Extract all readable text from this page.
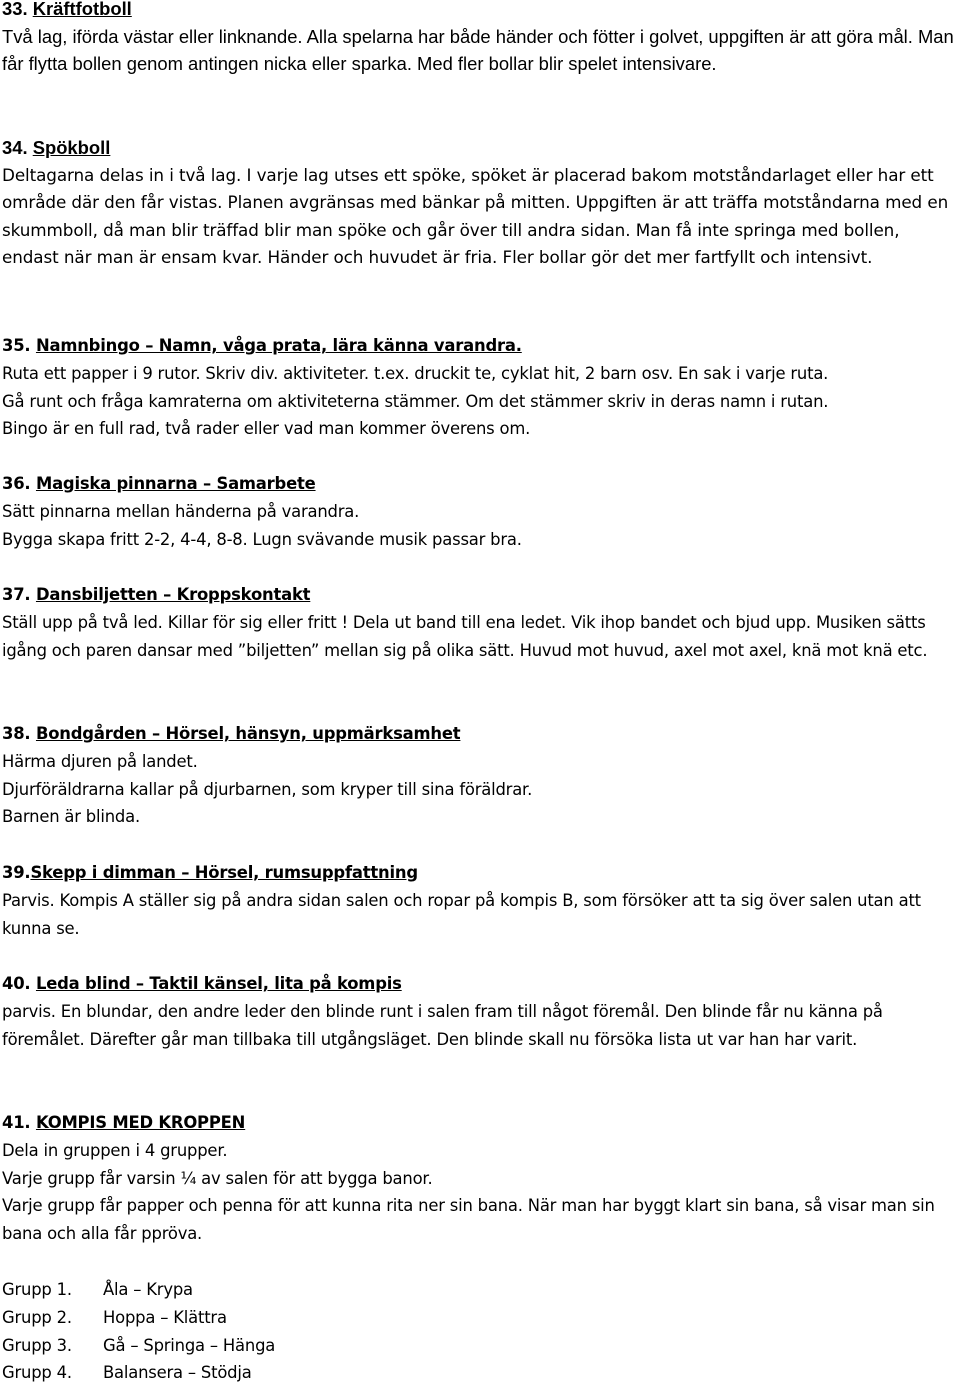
33. Kräftfotboll

Två lag, iförda västar eller linknande. Alla spelarna har både händer och fötter i golvet, uppgiften är att göra mål. Man får flytta bollen genom antingen nicka eller sparka. Med fler bollar blir spelet intensivare.

34. Spökboll

Deltagarna delas in i två lag. I varje lag utses ett spöke, spöket är placerad bakom motståndarlaget eller har ett område där den får vistas. Planen avgränsas med bänkar på mitten. Uppgiften är att träffa motståndarna med en skummboll, då man blir träffad blir man spöke och går över till andra sidan. Man få inte springa med bollen, endast när man är ensam kvar. Händer och huvudet är fria. Fler bollar gör det mer fartfyllt och intensivt.

35. Namnbingo – Namn, våga prata, lära känna varandra.

Ruta ett papper i 9 rutor. Skriv div. aktiviteter. t.ex. druckit te, cyklat hit, 2 barn osv. En sak i varje ruta.

Gå runt och fråga kamraterna om aktiviteterna stämmer. Om det stämmer skriv in deras namn i rutan.

Bingo är en full rad, två rader eller vad man kommer överens om.

36. Magiska pinnarna – Samarbete

Sätt pinnarna mellan händerna på varandra.

Bygga skapa fritt 2-2, 4-4, 8-8. Lugn svävande musik passar bra.

37. Dansbiljetten – Kroppskontakt

Ställ upp på två led. Killar för sig eller fritt ! Dela ut band till ena ledet. Vik ihop bandet och bjud upp. Musiken sätts igång och paren dansar med ”biljetten” mellan sig på olika sätt. Huvud mot huvud, axel mot axel, knä mot knä etc.

38. Bondgården – Hörsel, hänsyn, uppmärksamhet

Härma djuren på landet.

Djurföräldrarna kallar på djurbarnen, som kryper till sina föräldrar.

Barnen är blinda.

39.Skepp i dimman – Hörsel, rumsuppfattning

Parvis. Kompis A ställer sig på andra sidan salen och ropar på kompis B, som försöker att ta sig över salen utan att kunna se.

40. Leda blind – Taktil känsel, lita på kompis

parvis. En blundar, den andre leder den blinde runt i salen fram till något föremål. Den blinde får nu känna på föremålet. Därefter går man tillbaka till utgångsläget. Den blinde skall nu försöka lista ut var han har varit.

41. KOMPIS MED KROPPEN

Dela in gruppen i 4 grupper.

Varje grupp får varsin ¼ av salen för att bygga banor.

Varje grupp får papper och penna för att kunna rita ner sin bana. När man har byggt klart sin bana, så visar man sin bana och alla får ppröva.

Grupp 1.	Åla – Krypa
Grupp 2.	Hoppa – Klättra
Grupp 3.	Gå – Springa – Hänga
Grupp 4.	Balansera – Stödja
